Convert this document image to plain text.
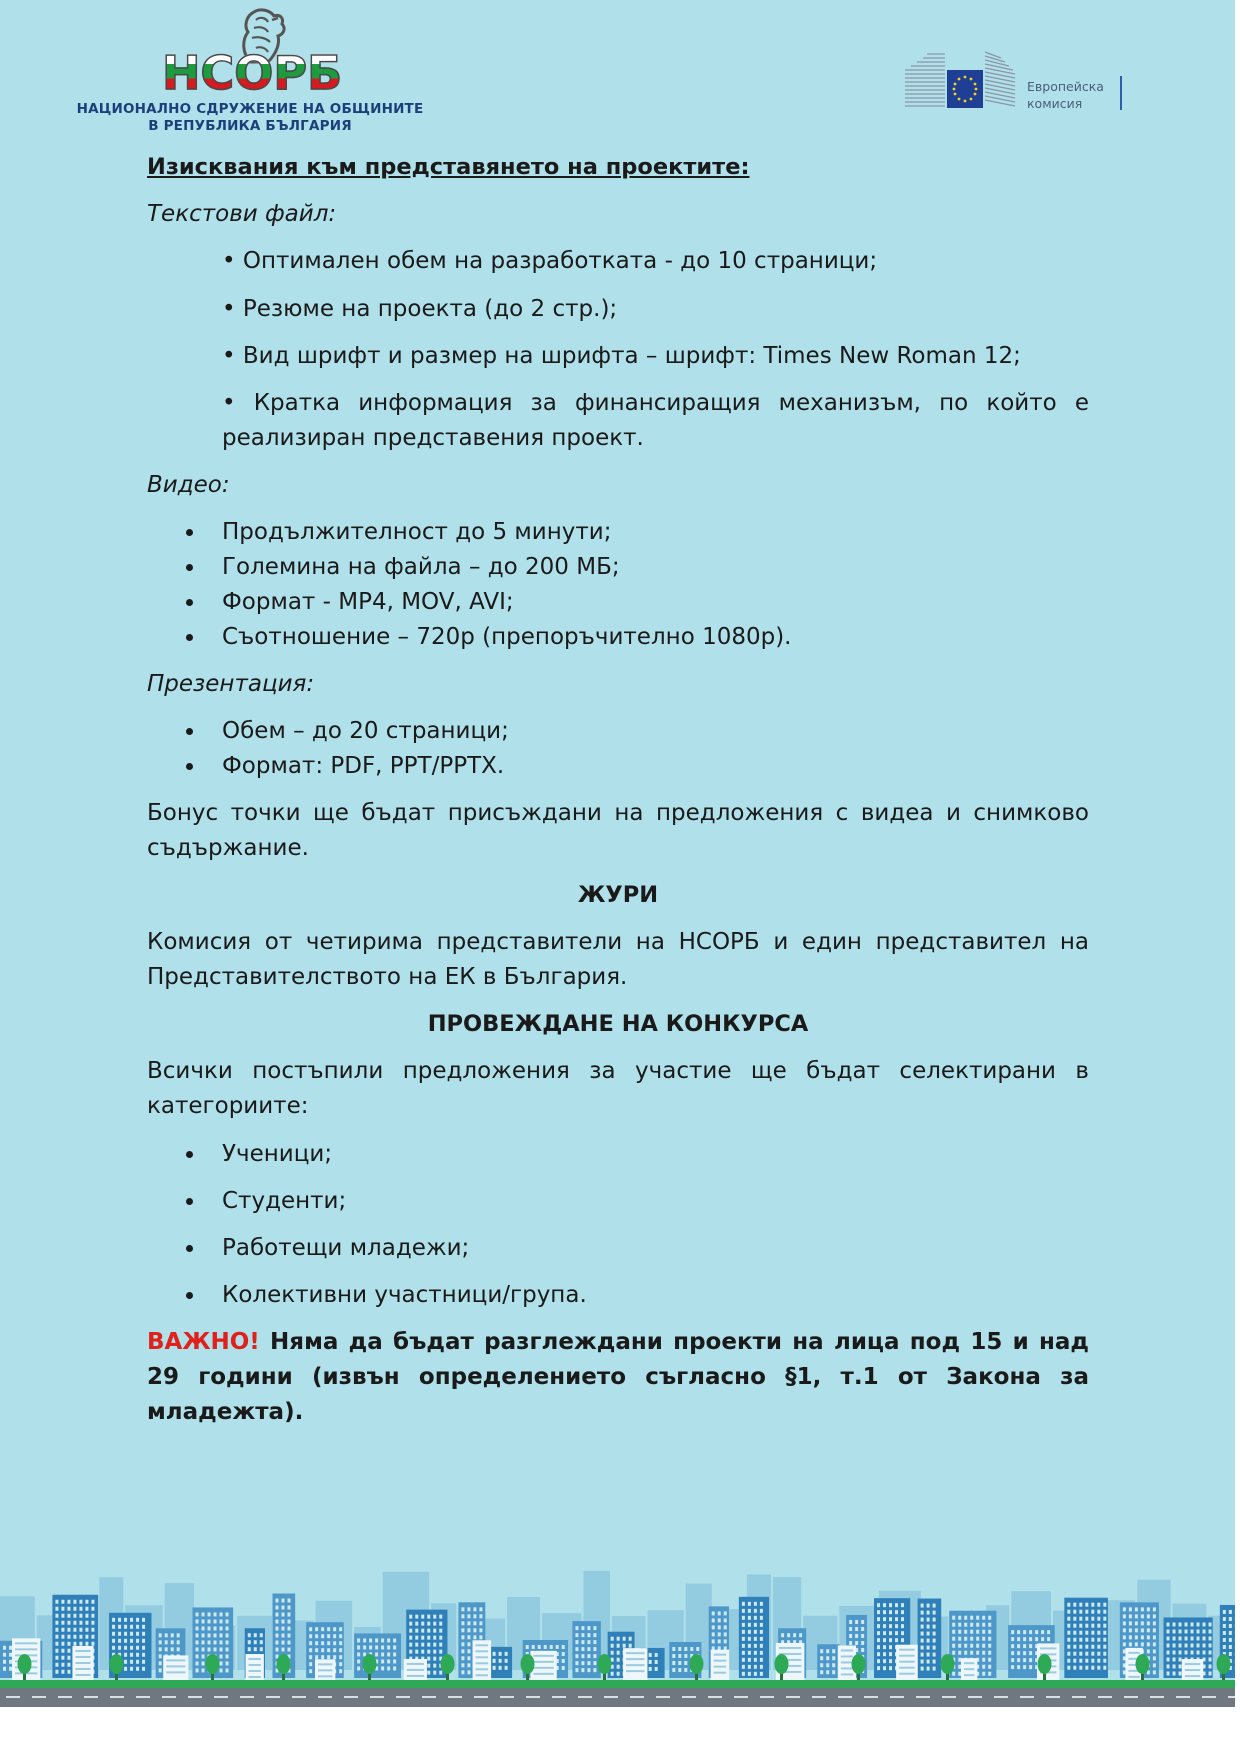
НСОРБ
НАЦИОНАЛНО СДРУЖЕНИЕ НА ОБЩИНИТЕ
В РЕПУБЛИКА БЪЛГАРИЯ
Европейска
комисия

Изисквания към представянето на проектите:

Текстови файл:

• Оптимален обем на разработката - до 10 страници;

• Резюме на проекта (до 2 стр.);

• Вид шрифт и размер на шрифта – шрифт: Times New Roman 12;

• Кратка информация за финансиращия механизъм, по който е реализиран представения проект.

Видео:

Продължителност до 5 минути;
Големина на файла – до 200 МБ;
Формат - MP4, MOV, AVI;
Съотношение – 720p (препоръчително 1080p).

Презентация:

Обем – до 20 страници;
Формат: PDF, PPT/PPTX.

Бонус точки ще бъдат присъждани на предложения с видеа и снимково съдържание.

ЖУРИ

Комисия от четирима представители на НСОРБ и един представител на Представителството на ЕК в България.

ПРОВЕЖДАНЕ НА КОНКУРСА

Всички постъпили предложения за участие ще бъдат селектирани в категориите:

Ученици;
Студенти;
Работещи младежи;
Колективни участници/група.

ВАЖНО! Няма да бъдат разглеждани проекти на лица под 15 и над 29 години (извън определението съгласно §1, т.1 от Закона за младежта).
